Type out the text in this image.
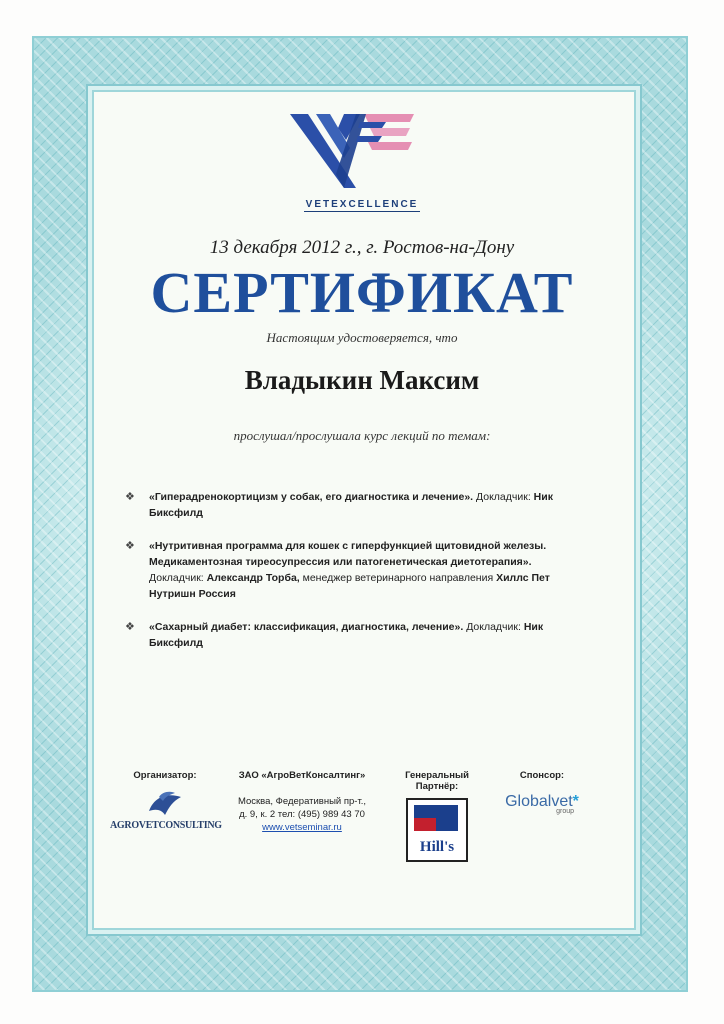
VETEXCELLENCE
13 декабря 2012 г., г. Ростов-на-Дону
СЕРТИФИКАТ
Настоящим удостоверяется, что
Владыкин Максим
прослушал/прослушала курс лекций по темам:
❖ «Гиперадренокортицизм у собак, его диагностика и лечение». Докладчик: Ник Биксфилд
❖ «Нутритивная программа для кошек с гиперфункцией щитовидной железы. Медикаментозная тиреосупрессия или патогенетическая диетотерапия».
Докладчик: Александр Торба, менеджер ветеринарного направления Хиллс Пет Нутришн Россия
❖ «Сахарный диабет: классификация, диагностика, лечение». Докладчик: Ник Биксфилд
Организатор:
AGROVETCONSULTING
ЗАО «АгроВетКонсалтинг»
Москва, Федеративный пр-т.,
д. 9, к. 2 тел: (495) 989 43 70
www.vetseminar.ru
Генеральный
Партнёр:
Hill's
Спонсор:
Globalvet*
group
